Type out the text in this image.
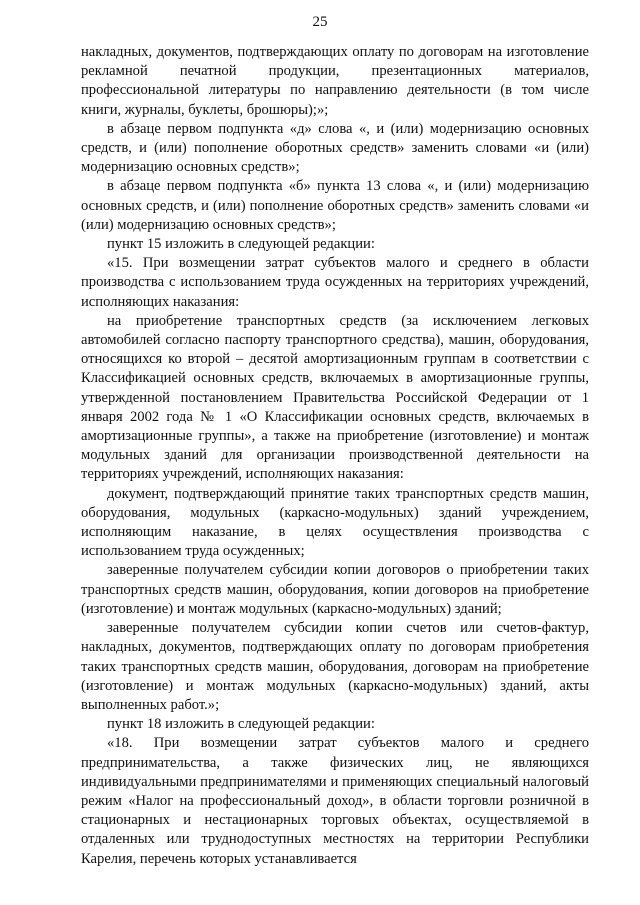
25

накладных, документов, подтверждающих оплату по договорам на изготовление рекламной печатной продукции, презентационных материалов, профессиональной литературы по направлению деятельности (в том числе книги, журналы, буклеты, брошюры);»;

в абзаце первом подпункта «д» слова «, и (или) модернизацию основных средств, и (или) пополнение оборотных средств» заменить словами «и (или) модернизацию основных средств»;

в абзаце первом подпункта «б» пункта 13 слова «, и (или) модернизацию основных средств, и (или) пополнение оборотных средств» заменить словами «и (или) модернизацию основных средств»;

пункт 15 изложить в следующей редакции:

«15. При возмещении затрат субъектов малого и среднего в области производства с использованием труда осужденных на территориях учреждений, исполняющих наказания:

на приобретение транспортных средств (за исключением легковых автомобилей согласно паспорту транспортного средства), машин, оборудования, относящихся ко второй – десятой амортизационным группам в соответствии с Классификацией основных средств, включаемых в амортизационные группы, утвержденной постановлением Правительства Российской Федерации от 1 января 2002 года № 1 «О Классификации основных средств, включаемых в амортизационные группы», а также на приобретение (изготовление) и монтаж модульных зданий для организации производственной деятельности на территориях учреждений, исполняющих наказания:

документ, подтверждающий принятие таких транспортных средств машин, оборудования, модульных (каркасно-модульных) зданий учреждением, исполняющим наказание, в целях осуществления производства с использованием труда осужденных;

заверенные получателем субсидии копии договоров о приобретении таких транспортных средств машин, оборудования, копии договоров на приобретение (изготовление) и монтаж модульных (каркасно-модульных) зданий;

заверенные получателем субсидии копии счетов или счетов-фактур, накладных, документов, подтверждающих оплату по договорам приобретения таких транспортных средств машин, оборудования, договорам на приобретение (изготовление) и монтаж модульных (каркасно-модульных) зданий, акты выполненных работ.»;

пункт 18 изложить в следующей редакции:

«18. При возмещении затрат субъектов малого и среднего предпринимательства, а также физических лиц, не являющихся индивидуальными предпринимателями и применяющих специальный налоговый режим «Налог на профессиональный доход», в области торговли розничной в стационарных и нестационарных торговых объектах, осуществляемой в отдаленных или труднодоступных местностях на территории Республики Карелия, перечень которых устанавливается
